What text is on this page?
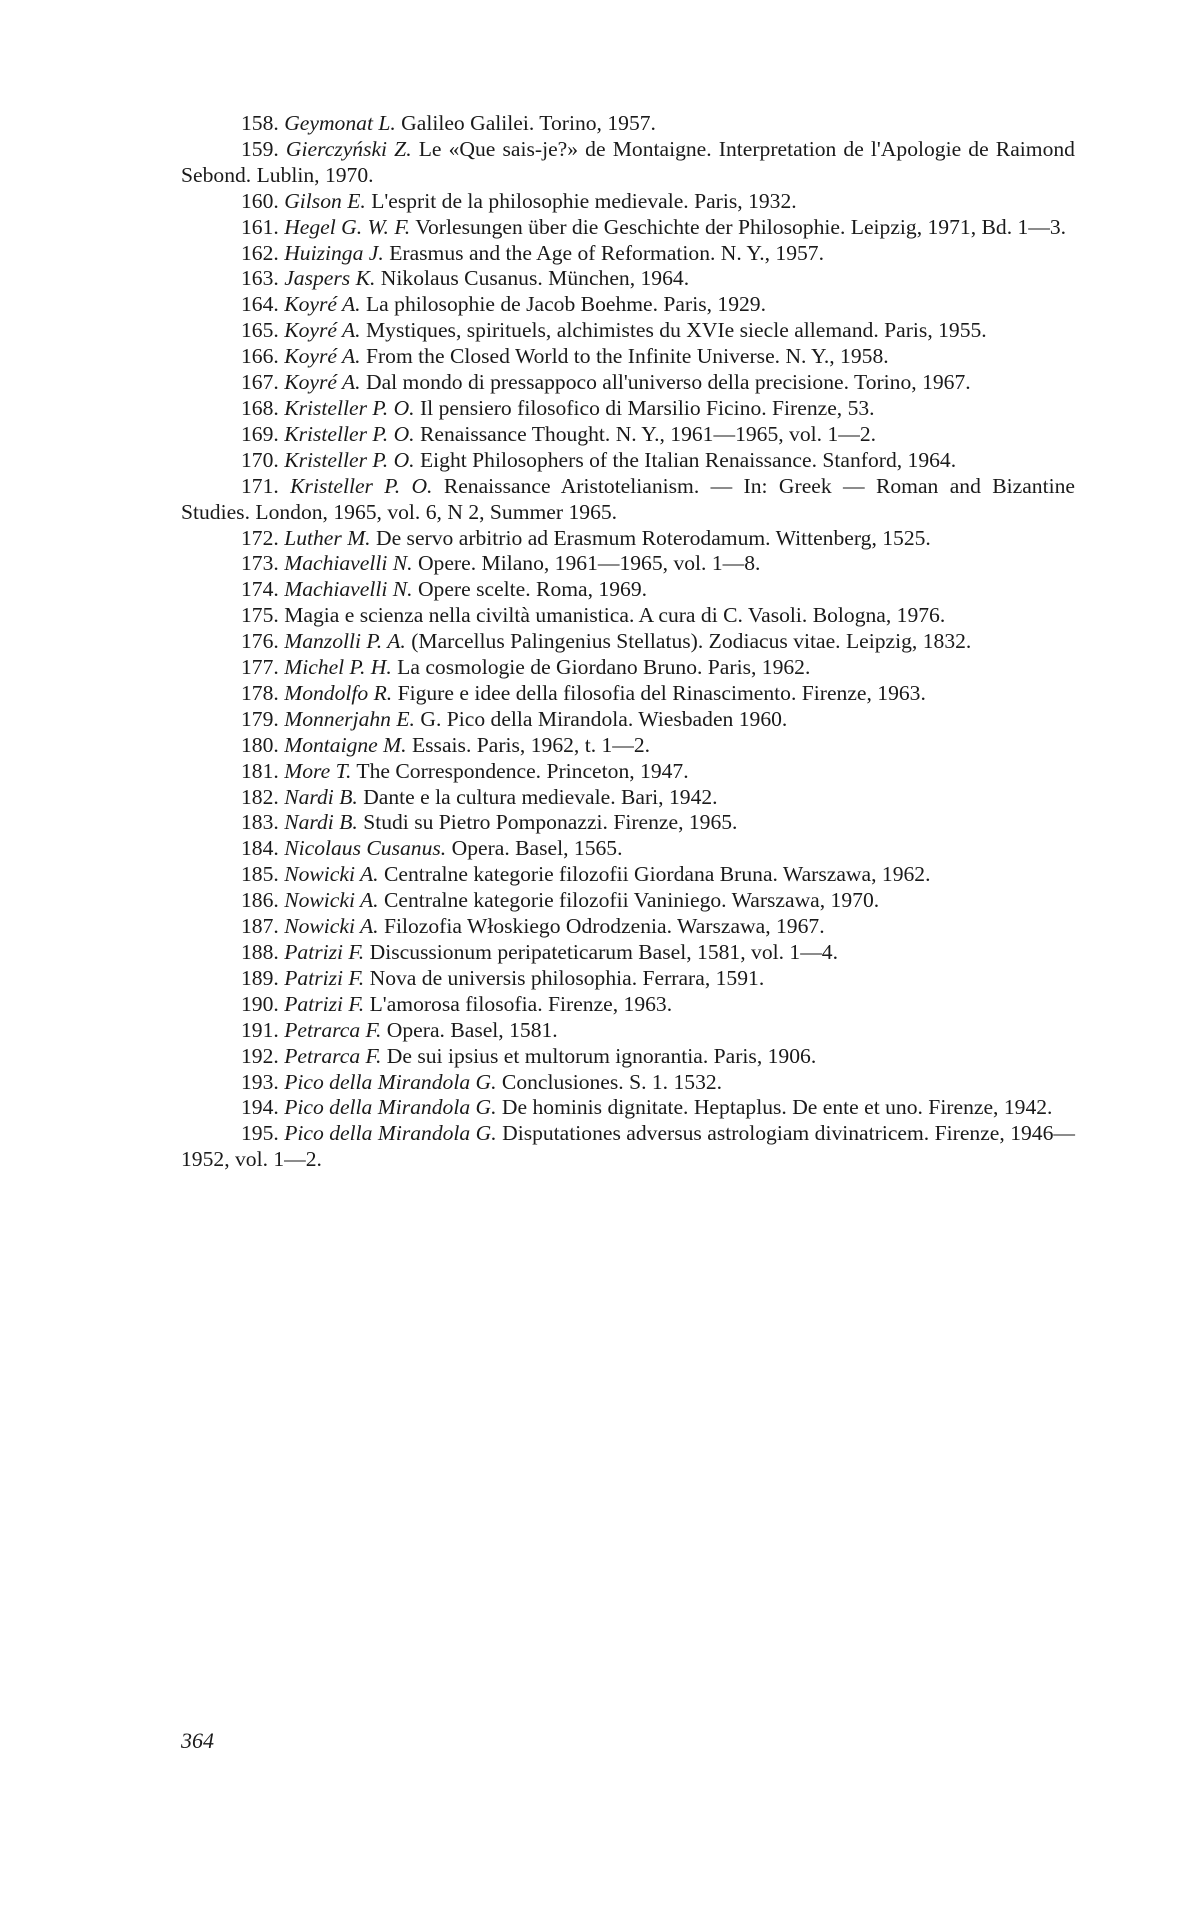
158. Geymonat L. Galileo Galilei. Torino, 1957.

159. Gierczyński Z. Le «Que sais-je?» de Montaigne. Interpretation de l'Apologie de Raimond Sebond. Lublin, 1970.

160. Gilson E. L'esprit de la philosophie medievale. Paris, 1932.

161. Hegel G. W. F. Vorlesungen über die Geschichte der Philosophie. Leipzig, 1971, Bd. 1—3.

162. Huizinga J. Erasmus and the Age of Reformation. N. Y., 1957.

163. Jaspers K. Nikolaus Cusanus. München, 1964.

164. Koyré A. La philosophie de Jacob Boehme. Paris, 1929.

165. Koyré A. Mystiques, spirituels, alchimistes du XVIe siecle allemand. Paris, 1955.

166. Koyré A. From the Closed World to the Infinite Universe. N. Y., 1958.

167. Koyré A. Dal mondo di pressappoco all'universo della precisione. Torino, 1967.

168. Kristeller P. O. Il pensiero filosofico di Marsilio Ficino. Firenze, 53.

169. Kristeller P. O. Renaissance Thought. N. Y., 1961—1965, vol. 1—2.

170. Kristeller P. O. Eight Philosophers of the Italian Renaissance. Stanford, 1964.

171. Kristeller P. O. Renaissance Aristotelianism. — In: Greek — Roman and Bizantine Studies. London, 1965, vol. 6, N 2, Summer 1965.

172. Luther M. De servo arbitrio ad Erasmum Roterodamum. Wittenberg, 1525.

173. Machiavelli N. Opere. Milano, 1961—1965, vol. 1—8.

174. Machiavelli N. Opere scelte. Roma, 1969.

175. Magia e scienza nella civiltà umanistica. A cura di C. Vasoli. Bologna, 1976.

176. Manzolli P. A. (Marcellus Palingenius Stellatus). Zodiacus vitae. Leipzig, 1832.

177. Michel P. H. La cosmologie de Giordano Bruno. Paris, 1962.

178. Mondolfo R. Figure e idee della filosofia del Rinascimento. Firenze, 1963.

179. Monnerjahn E. G. Pico della Mirandola. Wiesbaden 1960.

180. Montaigne M. Essais. Paris, 1962, t. 1—2.

181. More T. The Correspondence. Princeton, 1947.

182. Nardi B. Dante e la cultura medievale. Bari, 1942.

183. Nardi B. Studi su Pietro Pomponazzi. Firenze, 1965.

184. Nicolaus Cusanus. Opera. Basel, 1565.

185. Nowicki A. Centralne kategorie filozofii Giordana Bruna. Warszawa, 1962.

186. Nowicki A. Centralne kategorie filozofii Vaniniego. Warszawa, 1970.

187. Nowicki A. Filozofia Włoskiego Odrodzenia. Warszawa, 1967.

188. Patrizi F. Discussionum peripateticarum Basel, 1581, vol. 1—4.

189. Patrizi F. Nova de universis philosophia. Ferrara, 1591.

190. Patrizi F. L'amorosa filosofia. Firenze, 1963.

191. Petrarca F. Opera. Basel, 1581.

192. Petrarca F. De sui ipsius et multorum ignorantia. Paris, 1906.

193. Pico della Mirandola G. Conclusiones. S. 1. 1532.

194. Pico della Mirandola G. De hominis dignitate. Heptaplus. De ente et uno. Firenze, 1942.

195. Pico della Mirandola G. Disputationes adversus astrologiam divinatricem. Firenze, 1946—1952, vol. 1—2.

364
